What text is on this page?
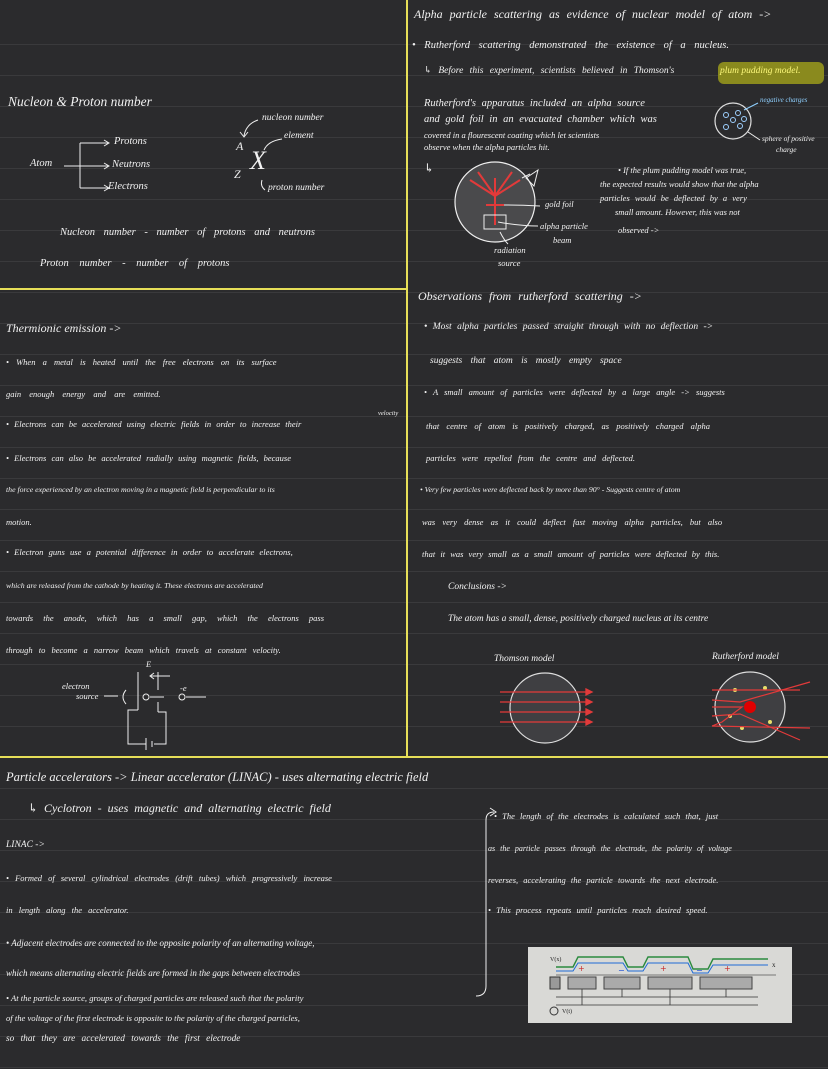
Nucleon & Proton number
Atom
Protons
Neutrons
Electrons
nucleon number
element
A
Z X
proton number
Nucleon number - number of protons and neutrons
Proton number - number of protons
Alpha particle scattering as evidence of nuclear model of atom ->
• Rutherford scattering demonstrated the existence of a nucleus.
↳ Before this experiment, scientists believed in Thomson's	plum pudding model.
Rutherford's apparatus included an alpha source
and gold foil in an evacuated chamber which was
covered in a flourescent coating which let scientists
observe when the alpha particles hit.
negative charges
sphere of positive
charge
↳
gold foil
alpha particle
beam
radiation
source
• If the plum pudding model was true,
the expected results would show that the alpha
particles would be deflected by a very
small amount. However, this was not
observed ->
Observations from rutherford scattering ->
• Most alpha particles passed straight through with no deflection ->
suggests that atom is mostly empty space
• A small amount of particles were deflected by a large angle -> suggests
that centre of atom is positively charged, as positively charged alpha
particles were repelled from the centre and deflected.
• Very few particles were deflected back by more than 90° - Suggests centre of atom
was very dense as it could deflect fast moving alpha particles, but also
that it was very small as a small amount of particles were deflected by this.
Conclusions ->
The atom has a small, dense, positively charged nucleus at its centre
Thomson model	Rutherford model
Thermionic emission ->
• When a metal is heated until the free electrons on its surface
gain enough energy and are emitted.
velocity
• Electrons can be accelerated using electric fields in order to increase their
• Electrons can also be accelerated radially using magnetic fields, because
the force experienced by an electron moving in a magnetic field is perpendicular to its
motion.
• Electron guns use a potential difference in order to accelerate electrons,
which are released from the cathode by heating it. These electrons are accelerated
towards the anode, which has a small gap, which the electrons pass
through to become a narrow beam which travels at constant velocity.
electron
source
E
-e
Particle accelerators -> Linear accelerator (LINAC) - uses alternating electric field
↳ Cyclotron - uses magnetic and alternating electric field
LINAC ->
• Formed of several cylindrical electrodes (drift tubes) which progressively increase
in length along the accelerator.
• Adjacent electrodes are connected to the opposite polarity of an alternating voltage,
which means alternating electric fields are formed in the gaps between electrodes
• At the particle source, groups of charged particles are released such that the polarity
of the voltage of the first electrode is opposite to the polarity of the charged particles,
so that they are accelerated towards the first electrode
• The length of the electrodes is calculated such that, just
as the particle passes through the electrode, the polarity of voltage
reverses, accelerating the particle towards the next electrode.
• This process repeats until particles reach desired speed.
+	+	+
−	−
V(x)
V(t)
x
